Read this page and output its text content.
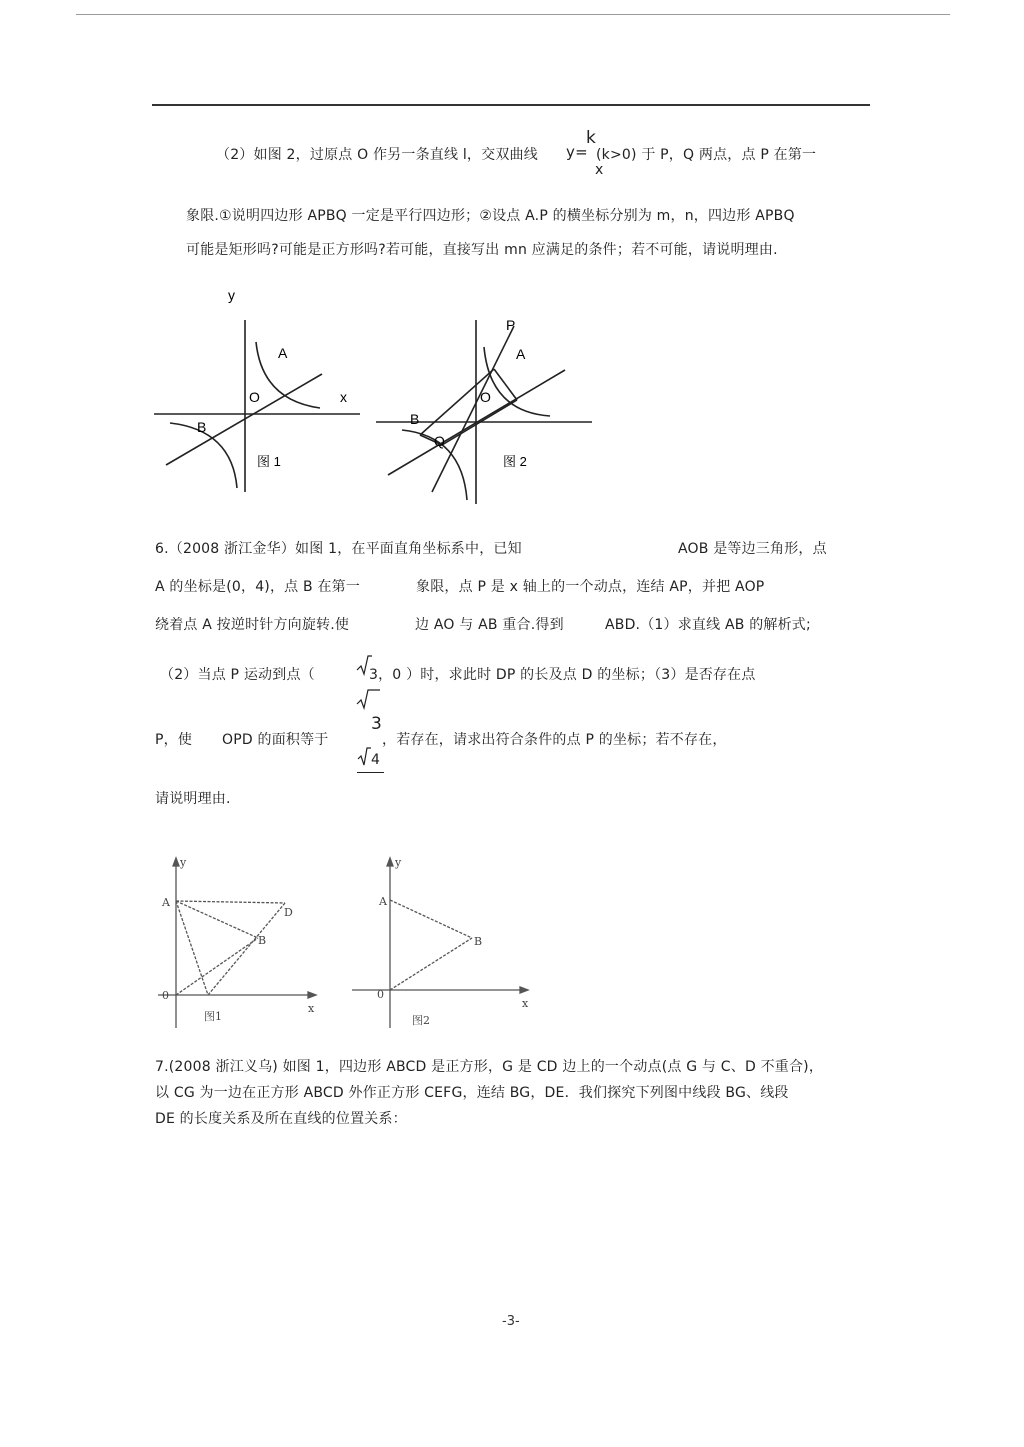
（2）如图 2，过原点 O 作另一条直线 l，交双曲线 y=
k
x
(k>0) 于 P，Q 两点，点 P 在第一
象限.①说明四边形 APBQ 一定是平行四边形；②设点 A.P 的横坐标分别为 m，n，四边形 APBQ
可能是矩形吗?可能是正方形吗?若可能，直接写出 mn 应满足的条件；若不可能，请说明理由.
y
x
A
O
B
图 1
P
A
O
B
Q
图 2
6.（2008 浙江金华）如图 1，在平面直角坐标系中，已知	AOB 是等边三角形，点
A 的坐标是(0，4)，点 B 在第一	象限，点 P 是 x 轴上的一个动点，连结 AP，并把 AOP
绕着点 A 按逆时针方向旋转.使	边 AO 与 AB 重合.得到	ABD.（1）求直线 AB 的解析式;
（2）当点 P 运动到点（	3，0 ）时，求此时 DP 的长及点 D 的坐标；（3）是否存在点
3
P，使 OPD 的面积等于	，若存在，请求出符合条件的点 P 的坐标；若不存在，
4
请说明理由.
y
x
A
D
B
0
图1
y
x
A
B
0
图2
7.(2008 浙江义乌) 如图 1，四边形 ABCD 是正方形，G 是 CD 边上的一个动点(点 G 与 C、D 不重合)，
以 CG 为一边在正方形 ABCD 外作正方形 CEFG，连结 BG，DE．我们探究下列图中线段 BG、线段
DE 的长度关系及所在直线的位置关系：
-3-
